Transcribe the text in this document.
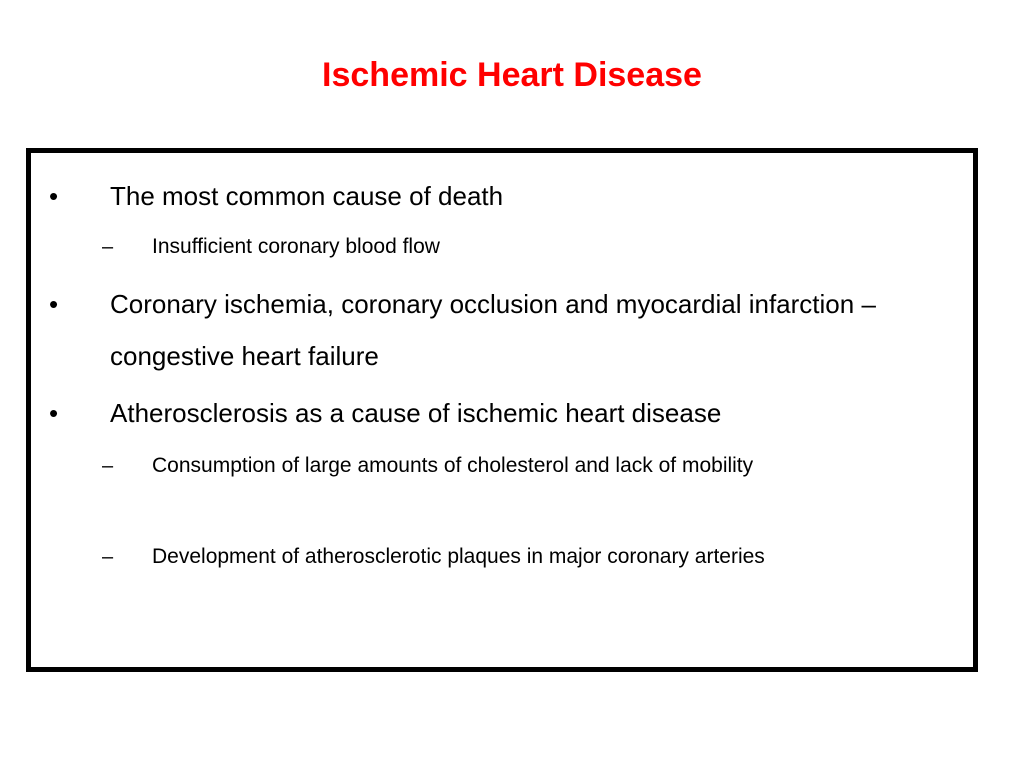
Ischemic Heart Disease
• The most common cause of death
– Insufficient coronary blood flow
• Coronary ischemia, coronary occlusion and myocardial infarction – congestive heart failure
• Atherosclerosis as a cause of ischemic heart disease
– Consumption of large amounts of cholesterol and lack of mobility
– Development of atherosclerotic plaques in major coronary arteries
